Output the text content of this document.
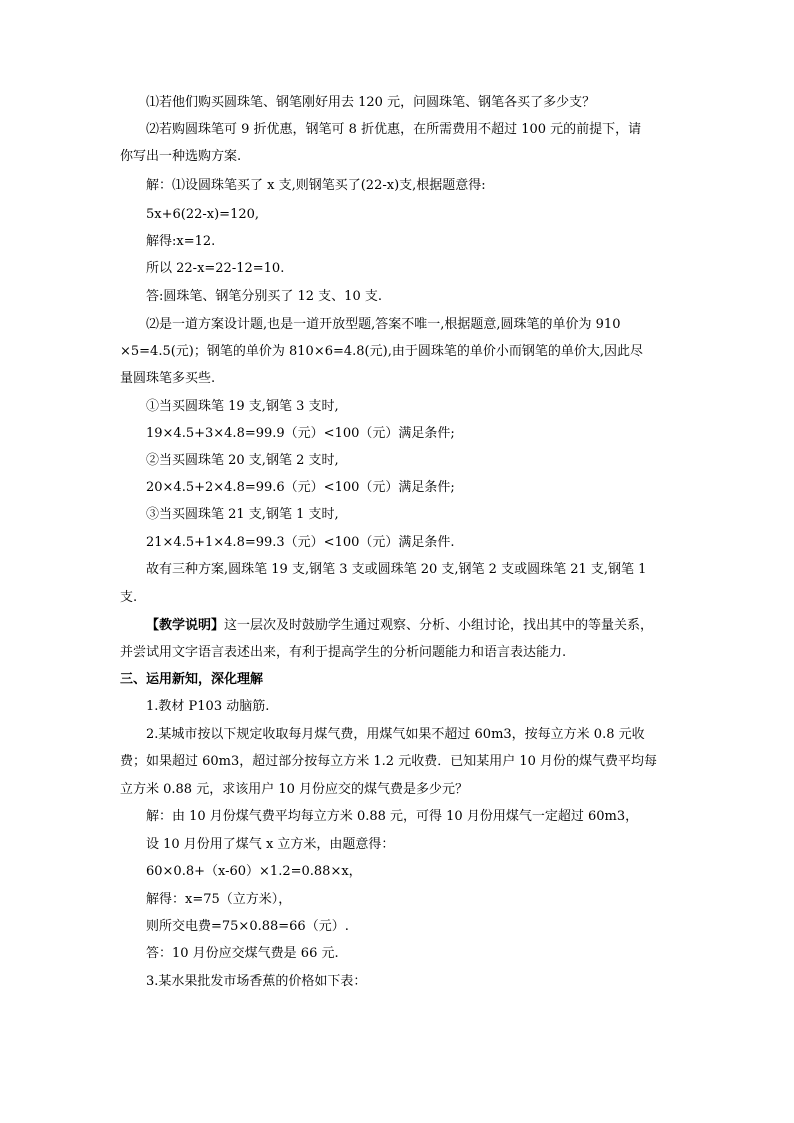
⑴若他们购买圆珠笔、钢笔刚好用去 120 元，问圆珠笔、钢笔各买了多少支？
⑵若购圆珠笔可 9 折优惠，钢笔可 8 折优惠，在所需费用不超过 100 元的前提下，请
你写出一种选购方案.
解：⑴设圆珠笔买了 x 支,则钢笔买了(22-x)支,根据题意得:
5x+6(22-x)=120,
解得:x=12.
所以 22-x=22-12=10.
答:圆珠笔、钢笔分别买了 12 支、10 支.
⑵是一道方案设计题,也是一道开放型题,答案不唯一,根据题意,圆珠笔的单价为 910
×5=4.5(元)；钢笔的单价为 810×6=4.8(元),由于圆珠笔的单价小而钢笔的单价大,因此尽
量圆珠笔多买些.
①当买圆珠笔 19 支,钢笔 3 支时,
19×4.5+3×4.8=99.9（元）<100（元）满足条件;
②当买圆珠笔 20 支,钢笔 2 支时,
20×4.5+2×4.8=99.6（元）<100（元）满足条件;
③当买圆珠笔 21 支,钢笔 1 支时,
21×4.5+1×4.8=99.3（元）<100（元）满足条件.
故有三种方案,圆珠笔 19 支,钢笔 3 支或圆珠笔 20 支,钢笔 2 支或圆珠笔 21 支,钢笔 1
支.
【教学说明】这一层次及时鼓励学生通过观察、分析、小组讨论，找出其中的等量关系，
并尝试用文字语言表述出来，有利于提高学生的分析问题能力和语言表达能力.
三、运用新知，深化理解
1.教材 P103 动脑筋.
2.某城市按以下规定收取每月煤气费，用煤气如果不超过 60m3，按每立方米 0.8 元收
费；如果超过 60m3，超过部分按每立方米 1.2 元收费．已知某用户 10 月份的煤气费平均每
立方米 0.88 元，求该用户 10 月份应交的煤气费是多少元？
解：由 10 月份煤气费平均每立方米 0.88 元，可得 10 月份用煤气一定超过 60m3，
设 10 月份用了煤气 x 立方米，由题意得：
60×0.8+（x-60）×1.2=0.88×x，
解得：x=75（立方米），
则所交电费=75×0.88=66（元）.
答：10 月份应交煤气费是 66 元.
3.某水果批发市场香蕉的价格如下表：
